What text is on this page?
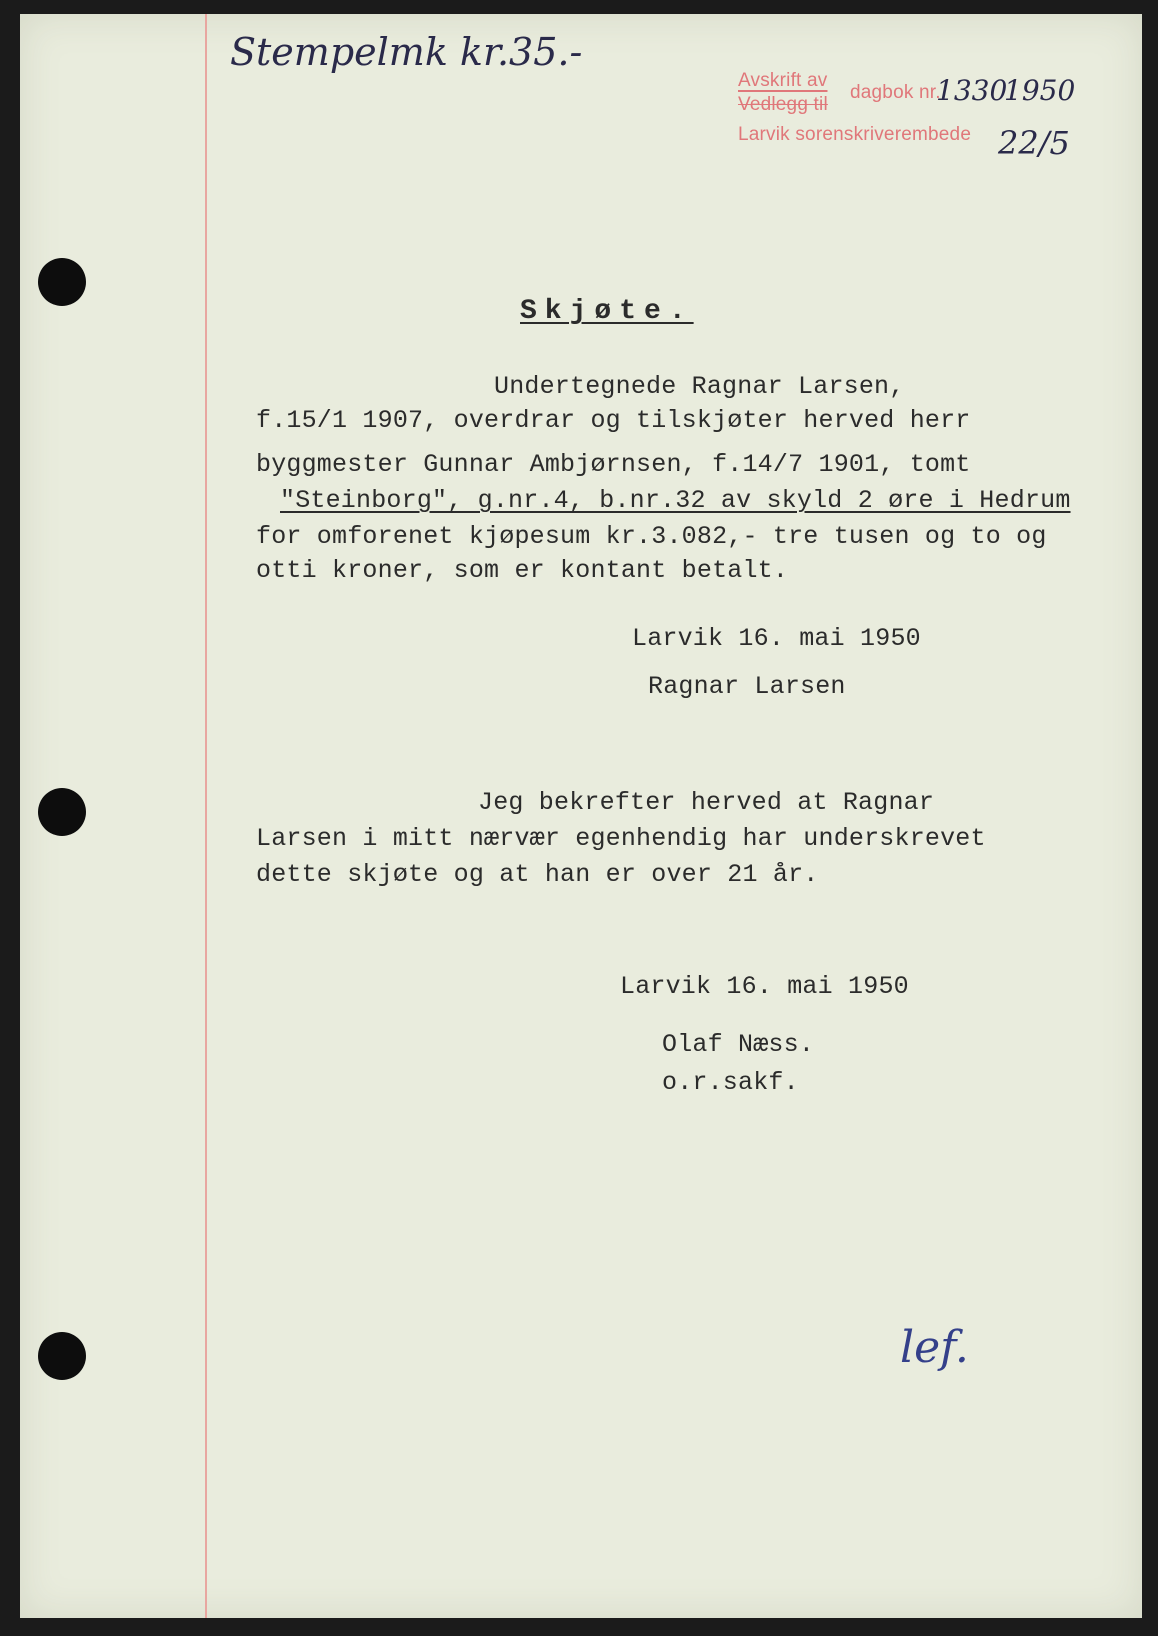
Stempelmk kr.35.-
Avskrift av
Vedlegg til
dagbok nr.
1330
1950
Larvik sorenskriverembede 22/5
Skjøte.
Undertegnede Ragnar Larsen,
f.15/1 1907, overdrar og tilskjøter herved herr
byggmester Gunnar Ambjørnsen, f.14/7 1901, tomt
"Steinborg", g.nr.4, b.nr.32 av skyld 2 øre i Hedrum
for omforenet kjøpesum kr.3.082,- tre tusen og to og
otti kroner, som er kontant betalt.
Larvik 16. mai 1950
Ragnar Larsen
Jeg bekrefter herved at Ragnar
Larsen i mitt nærvær egenhendig har underskrevet
dette skjøte og at han er over 21 år.
Larvik 16. mai 1950
Olaf Næss.
o.r.sakf.
lef.
